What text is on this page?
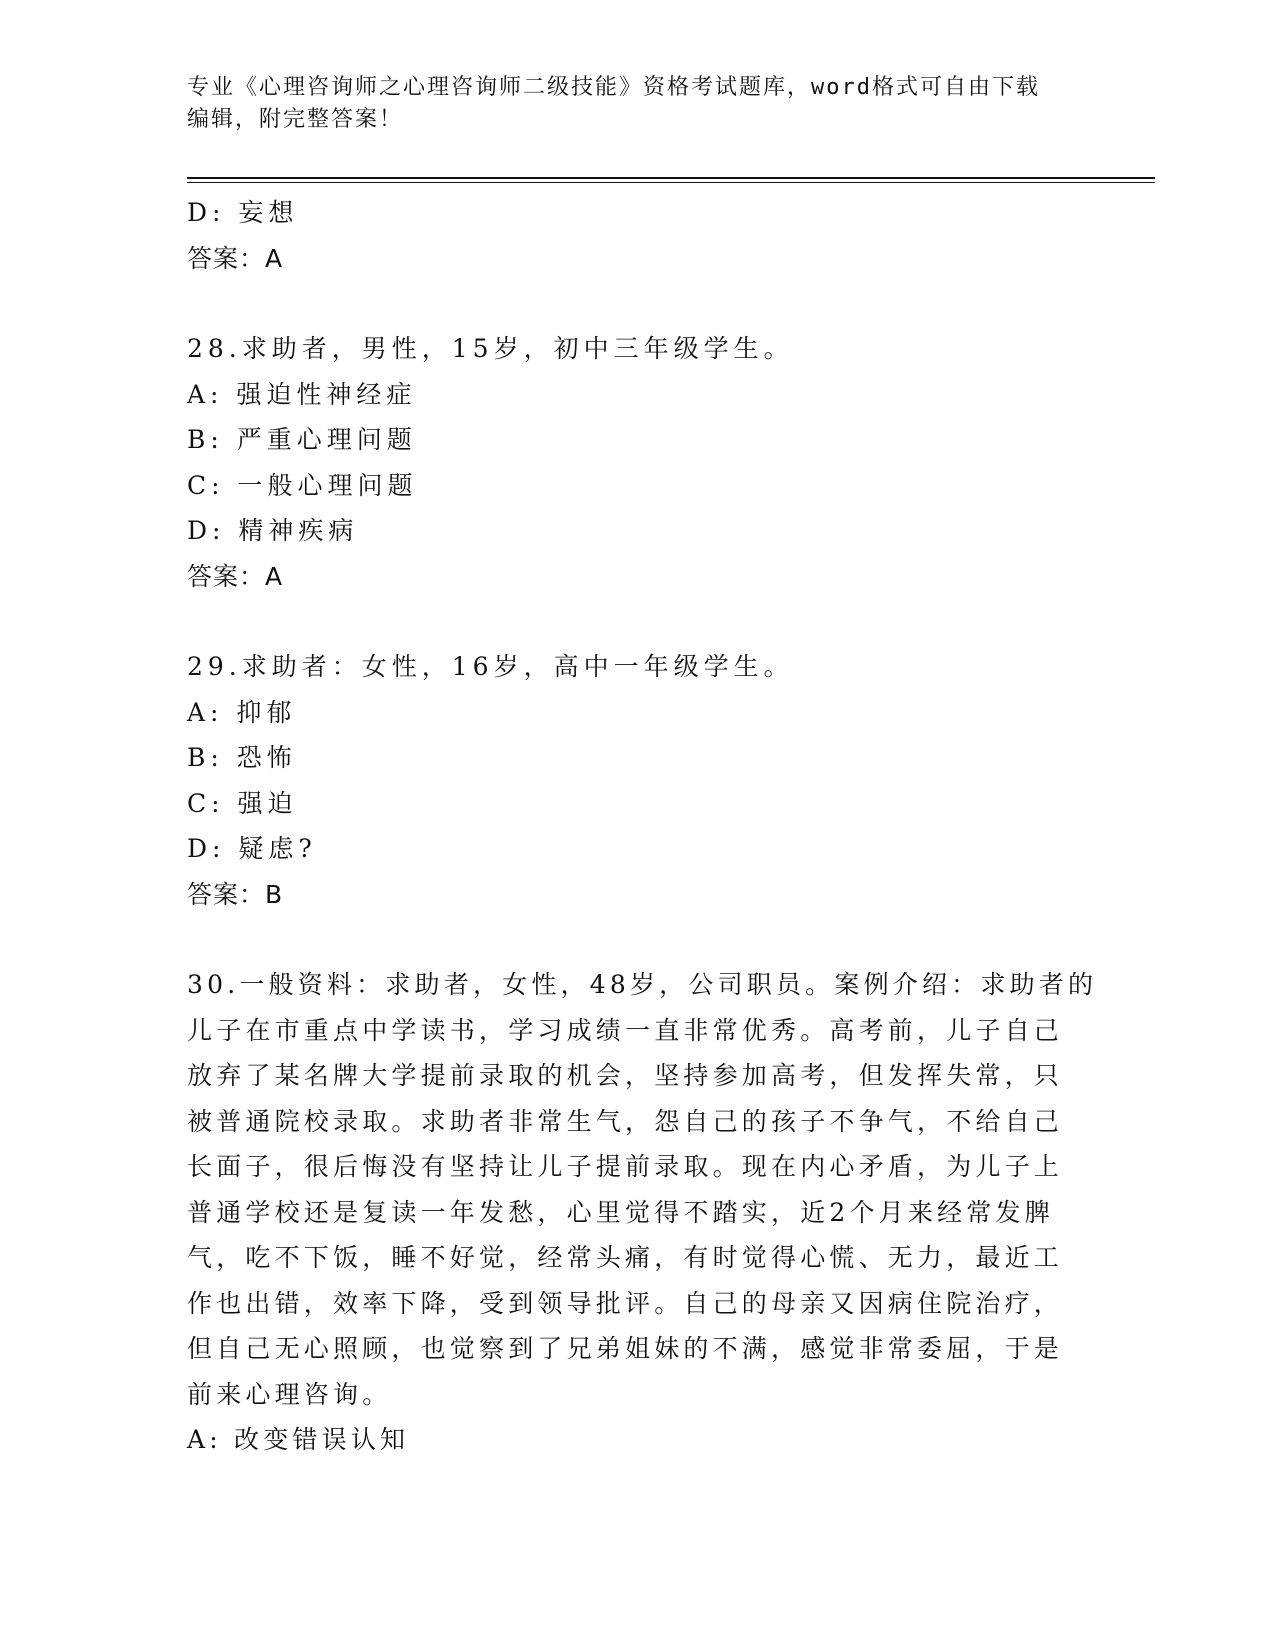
专业《心理咨询师之心理咨询师二级技能》资格考试题库，word格式可自由下载
编辑，附完整答案！
D: 妄想
答案：A
28.求助者，男性，15岁，初中三年级学生。
A: 强迫性神经症
B: 严重心理问题
C: 一般心理问题
D: 精神疾病
答案：A
29.求助者：女性，16岁，高中一年级学生。
A: 抑郁
B: 恐怖
C: 强迫
D: 疑虑?
答案：B
30.一般资料：求助者，女性，48岁，公司职员。案例介绍：求助者的
儿子在市重点中学读书，学习成绩一直非常优秀。高考前，儿子自己
放弃了某名牌大学提前录取的机会，坚持参加高考，但发挥失常，只
被普通院校录取。求助者非常生气，怨自己的孩子不争气，不给自己
长面子，很后悔没有坚持让儿子提前录取。现在内心矛盾，为儿子上
普通学校还是复读一年发愁，心里觉得不踏实，近2个月来经常发脾
气，吃不下饭，睡不好觉，经常头痛，有时觉得心慌、无力，最近工
作也出错，效率下降，受到领导批评。自己的母亲又因病住院治疗，
但自己无心照顾，也觉察到了兄弟姐妹的不满，感觉非常委屈，于是
前来心理咨询。
A: 改变错误认知
